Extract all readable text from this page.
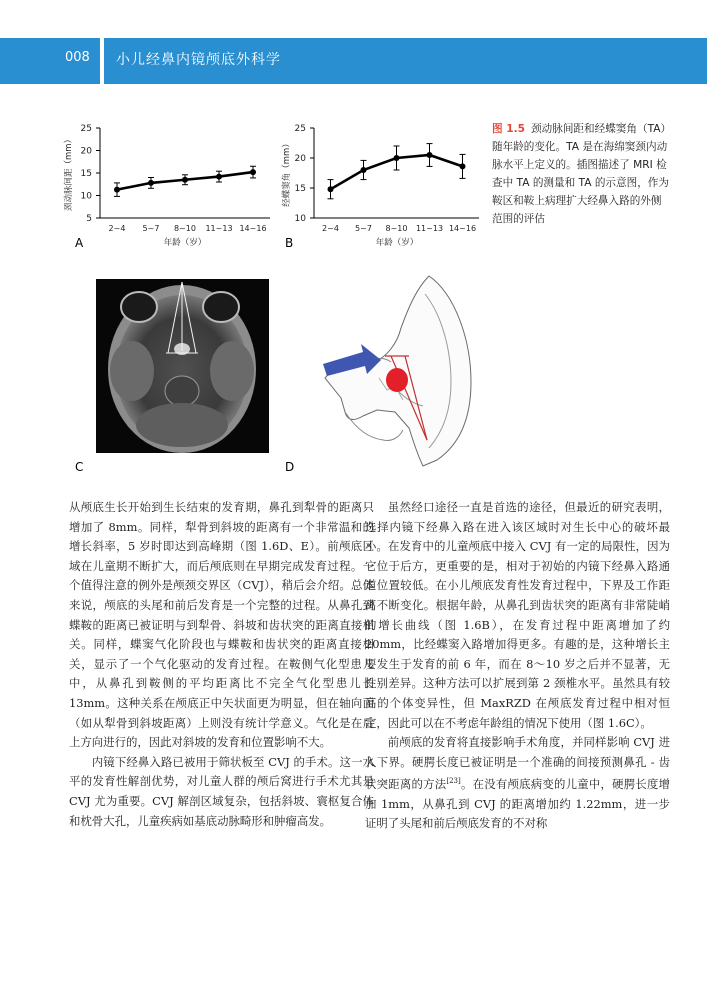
008 小儿经鼻内镜颅底外科学
颈动脉间距（mm）
年龄（岁）
5
10
15
20
25
2~4 5~7 8~10 11~13 14~16
经蝶窦角（mm）
年龄（岁）
10
15
20
25
2~4 5~7 8~10 11~13 14~16
A	B
图 1.5 颈动脉间距和经蝶窦角（TA）随年龄的变化。TA 是在海绵窦颈内动脉水平上定义的。插图描述了 MRI 检查中 TA 的测量和 TA 的示意图，作为鞍区和鞍上病理扩大经鼻入路的外侧范围的评估
C	D

从颅底生长开始到生长结束的发育期，鼻孔到犁骨的距离只增加了 8mm。同样，犁骨到斜坡的距离有一个非常温和的增长斜率，5 岁时即达到高峰期（图 1.6D、E）。前颅底区域在儿童期不断扩大，而后颅底则在早期完成发育过程。一个值得注意的例外是颅颈交界区（CVJ），稍后会介绍。总体来说，颅底的头尾和前后发育是一个完整的过程。从鼻孔到蝶鞍的距离已被证明与到犁骨、斜坡和齿状突的距离直接相关。同样，蝶窦气化阶段也与蝶鞍和齿状突的距离直接相关，显示了一个气化驱动的发育过程。在鞍侧气化型患儿中，从鼻孔到鞍侧的平均距离比不完全气化型患儿长 13mm。这种关系在颅底正中矢状面更为明显，但在轴向面（如从犁骨到斜坡距离）上则没有统计学意义。气化是在后上方向进行的，因此对斜坡的发育和位置影响不大。

内镜下经鼻入路已被用于筛状板至 CVJ 的手术。这一水平的发育性解剖优势，对儿童人群的颅后窝进行手术尤其是 CVJ 尤为重要。CVJ 解剖区域复杂，包括斜坡、寰枢复合体和枕骨大孔，儿童疾病如基底动脉畸形和肿瘤高发。

虽然经口途径一直是首选的途径，但最近的研究表明，选择内镜下经鼻入路在进入该区域时对生长中心的破坏最小。在发育中的儿童颅底中接入 CVJ 有一定的局限性，因为它位于后方，更重要的是，相对于初始的内镜下经鼻入路通道位置较低。在小儿颅底发育性发育过程中，下界及工作距离不断变化。根据年龄，从鼻孔到齿状突的距离有非常陡峭的增长曲线（图 1.6B），在发育过程中距离增加了约 20mm，比经蝶窦入路增加得更多。有趣的是，这种增长主要发生于发育的前 6 年，而在 8～10 岁之后并不显著，无性别差异。这种方法可以扩展到第 2 颈椎水平。虽然具有较高的个体变异性，但 MaxRZD 在颅底发育过程中相对恒定，因此可以在不考虑年龄组的情况下使用（图 1.6C）。

前颅底的发育将直接影响手术角度，并同样影响 CVJ 进入下界。硬腭长度已被证明是一个准确的间接预测鼻孔 - 齿状突距离的方法[23]。在没有颅底病变的儿童中，硬腭长度增加 1mm，从鼻孔到 CVJ 的距离增加约 1.22mm，进一步证明了头尾和前后颅底发育的不对称
